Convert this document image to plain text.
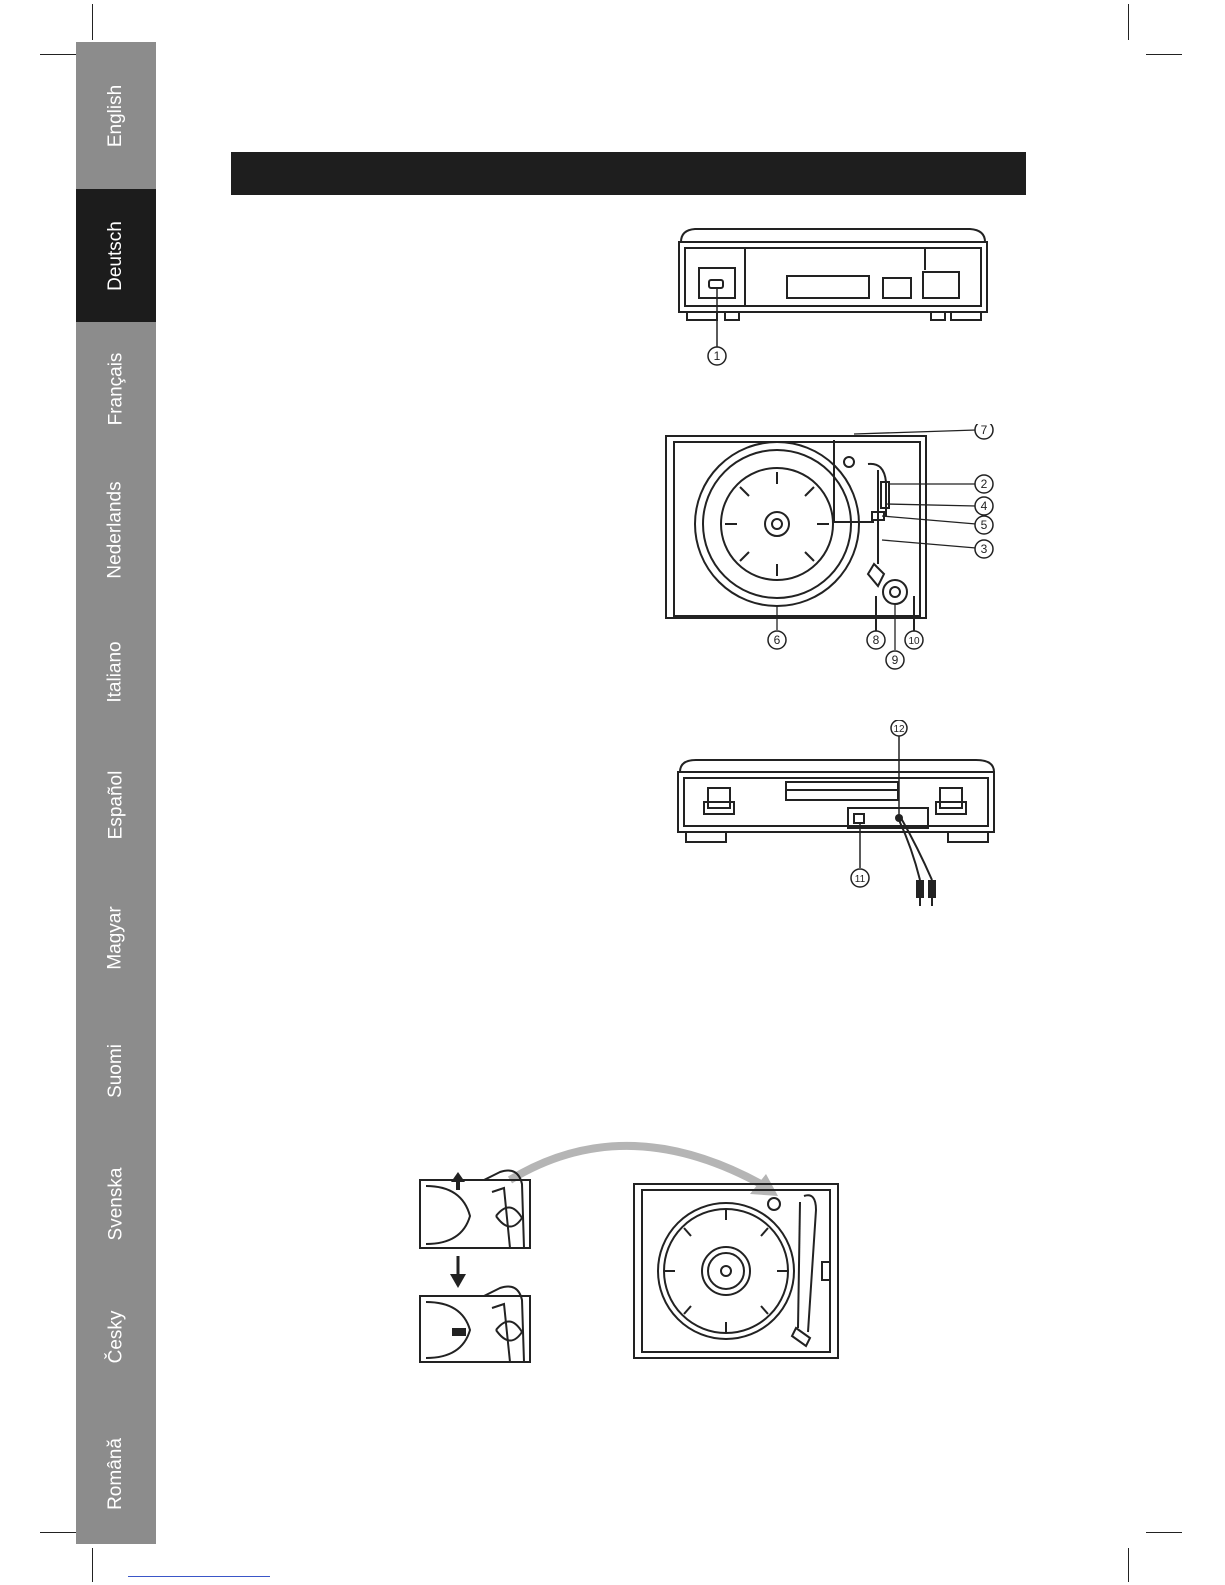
English
Deutsch
Français
Nederlands
Italiano
Español
Magyar
Suomi
Svenska
Česky
Română
1
7
2
4
5
3
6	8
9
10
12
11
